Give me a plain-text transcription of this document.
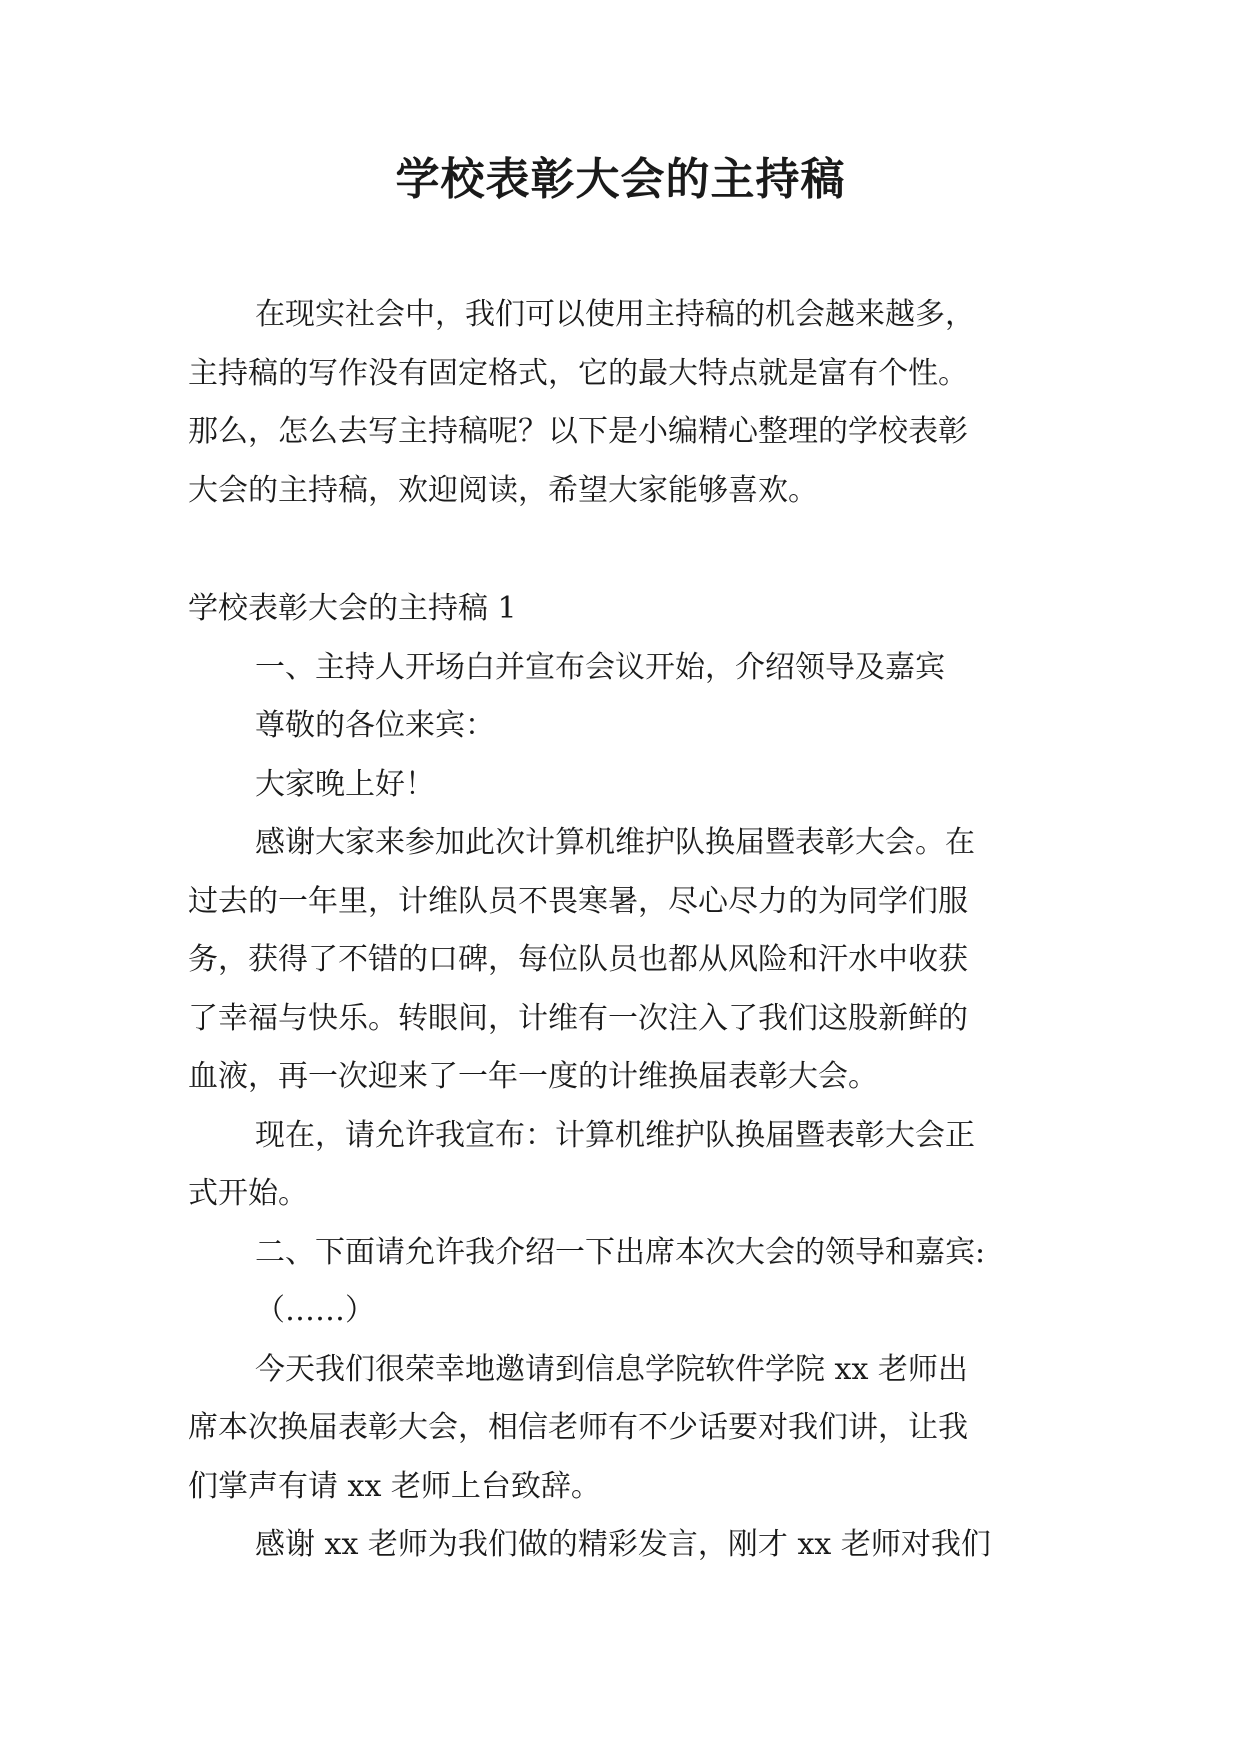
学校表彰大会的主持稿

在现实社会中，我们可以使用主持稿的机会越来越多，

主持稿的写作没有固定格式，它的最大特点就是富有个性。

那么，怎么去写主持稿呢？以下是小编精心整理的学校表彰

大会的主持稿，欢迎阅读，希望大家能够喜欢。

学校表彰大会的主持稿 1

一、主持人开场白并宣布会议开始，介绍领导及嘉宾

尊敬的各位来宾：

大家晚上好！

感谢大家来参加此次计算机维护队换届暨表彰大会。在

过去的一年里，计维队员不畏寒暑，尽心尽力的为同学们服

务，获得了不错的口碑，每位队员也都从风险和汗水中收获

了幸福与快乐。转眼间，计维有一次注入了我们这股新鲜的

血液，再一次迎来了一年一度的计维换届表彰大会。

现在，请允许我宣布：计算机维护队换届暨表彰大会正

式开始。

二、下面请允许我介绍一下出席本次大会的领导和嘉宾:

（……）

今天我们很荣幸地邀请到信息学院软件学院 xx 老师出

席本次换届表彰大会，相信老师有不少话要对我们讲，让我

们掌声有请 xx 老师上台致辞。

感谢 xx 老师为我们做的精彩发言，刚才 xx 老师对我们
